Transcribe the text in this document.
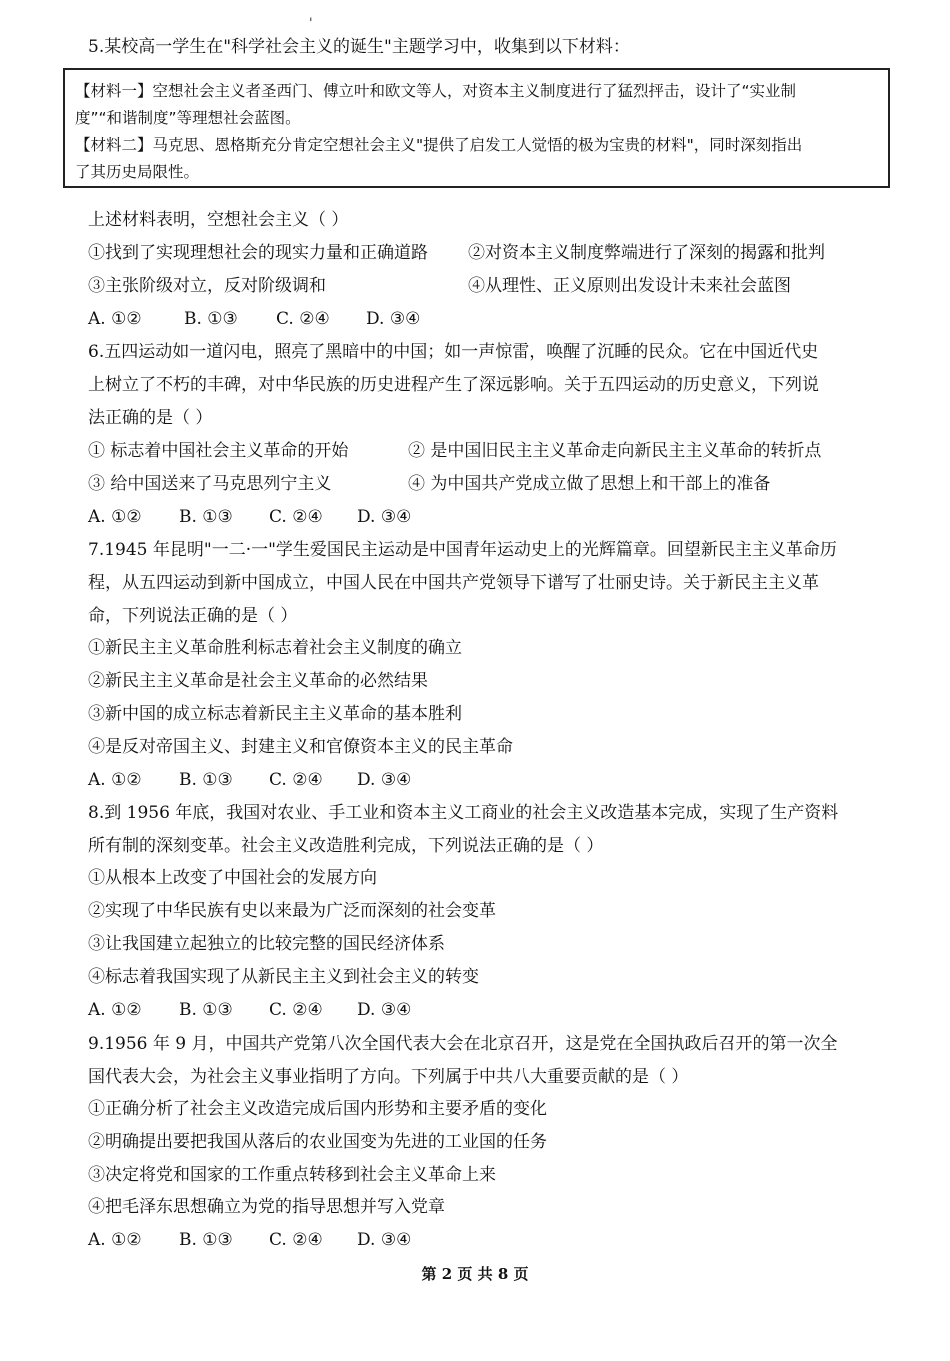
'
5.某校高一学生在"科学社会主义的诞生"主题学习中，收集到以下材料：
【材料一】空想社会主义者圣西门、傅立叶和欧文等人，对资本主义制度进行了猛烈抨击，设计了“实业制
度”“和谐制度”等理想社会蓝图。
【材料二】马克思、恩格斯充分肯定空想社会主义"提供了启发工人觉悟的极为宝贵的材料"，同时深刻指出
了其历史局限性。
上述材料表明，空想社会主义（ ）
①找到了实现理想社会的现实力量和正确道路 ②对资本主义制度弊端进行了深刻的揭露和批判
③主张阶级对立，反对阶级调和	④从理性、正义原则出发设计未来社会蓝图
A. ①② B. ①③ C. ②④ D. ③④
6.五四运动如一道闪电，照亮了黑暗中的中国；如一声惊雷，唤醒了沉睡的民众。它在中国近代史
上树立了不朽的丰碑，对中华民族的历史进程产生了深远影响。关于五四运动的历史意义，下列说
法正确的是（ ）
① 标志着中国社会主义革命的开始	② 是中国旧民主主义革命走向新民主主义革命的转折点
③ 给中国送来了马克思列宁主义	④ 为中国共产党成立做了思想上和干部上的准备
A. ①② B. ①③ C. ②④ D. ③④
7.1945 年昆明"一二·一"学生爱国民主运动是中国青年运动史上的光辉篇章。回望新民主主义革命历
程，从五四运动到新中国成立，中国人民在中国共产党领导下谱写了壮丽史诗。关于新民主主义革
命，下列说法正确的是（ ）
①新民主主义革命胜利标志着社会主义制度的确立
②新民主主义革命是社会主义革命的必然结果
③新中国的成立标志着新民主主义革命的基本胜利
④是反对帝国主义、封建主义和官僚资本主义的民主革命
A. ①② B. ①③ C. ②④ D. ③④
8.到 1956 年底，我国对农业、手工业和资本主义工商业的社会主义改造基本完成，实现了生产资料
所有制的深刻变革。社会主义改造胜利完成，下列说法正确的是（ ）
①从根本上改变了中国社会的发展方向
②实现了中华民族有史以来最为广泛而深刻的社会变革
③让我国建立起独立的比较完整的国民经济体系
④标志着我国实现了从新民主主义到社会主义的转变
A. ①② B. ①③ C. ②④ D. ③④
9.1956 年 9 月，中国共产党第八次全国代表大会在北京召开，这是党在全国执政后召开的第一次全
国代表大会，为社会主义事业指明了方向。下列属于中共八大重要贡献的是（ ）
①正确分析了社会主义改造完成后国内形势和主要矛盾的变化
②明确提出要把我国从落后的农业国变为先进的工业国的任务
③决定将党和国家的工作重点转移到社会主义革命上来
④把毛泽东思想确立为党的指导思想并写入党章
A. ①② B. ①③ C. ②④ D. ③④
第 2 页 共 8 页
